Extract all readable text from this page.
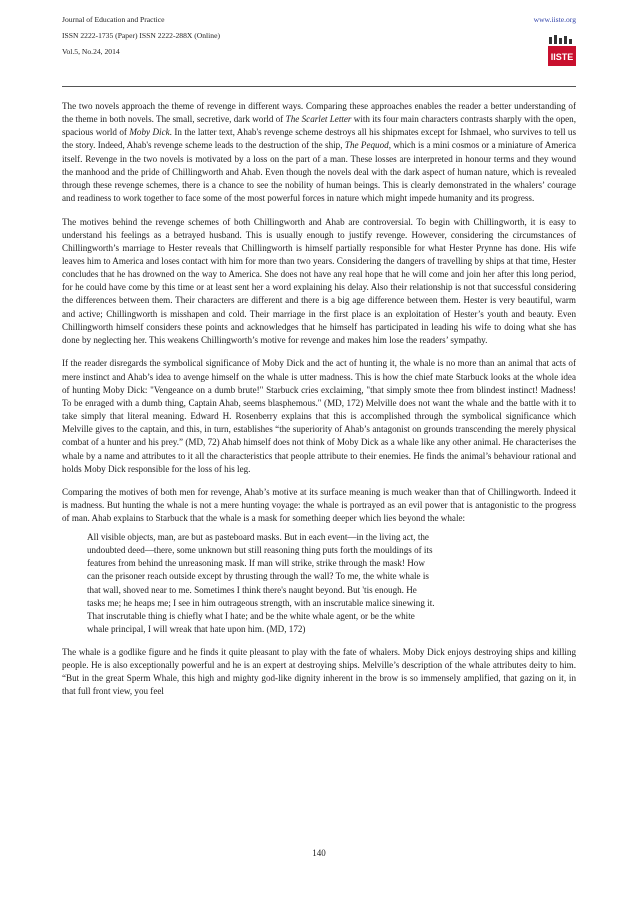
Journal of Education and Practice

ISSN 2222-1735 (Paper) ISSN 2222-288X (Online)

Vol.5, No.24, 2014

www.iiste.org
IISTE

The two novels approach the theme of revenge in different ways. Comparing these approaches enables the reader a better understanding of the theme in both novels. The small, secretive, dark world of The Scarlet Letter with its four main characters contrasts sharply with the open, spacious world of Moby Dick. In the latter text, Ahab's revenge scheme destroys all his shipmates except for Ishmael, who survives to tell us the story. Indeed, Ahab's revenge scheme leads to the destruction of the ship, The Pequod, which is a mini cosmos or a miniature of America itself. Revenge in the two novels is motivated by a loss on the part of a man. These losses are interpreted in honour terms and they wound the manhood and the pride of Chillingworth and Ahab. Even though the novels deal with the dark aspect of human nature, which is revealed through these revenge schemes, there is a chance to see the nobility of human beings. This is clearly demonstrated in the whalers’ courage and readiness to work together to face some of the most powerful forces in nature which might impede humanity and its progress.

The motives behind the revenge schemes of both Chillingworth and Ahab are controversial. To begin with Chillingworth, it is easy to understand his feelings as a betrayed husband. This is usually enough to justify revenge. However, considering the circumstances of Chillingworth’s marriage to Hester reveals that Chillingworth is himself partially responsible for what Hester Prynne has done. His wife leaves him to America and loses contact with him for more than two years. Considering the dangers of travelling by ships at that time, Hester concludes that he has drowned on the way to America. She does not have any real hope that he will come and join her after this long period, for he could have come by this time or at least sent her a word explaining his delay. Also their relationship is not that successful considering the differences between them. Their characters are different and there is a big age difference between them. Hester is very beautiful, warm and active; Chillingworth is misshapen and cold. Their marriage in the first place is an exploitation of Hester’s youth and beauty. Even Chillingworth himself considers these points and acknowledges that he himself has participated in leading his wife to doing what she has done by neglecting her. This weakens Chillingworth’s motive for revenge and makes him lose the readers’ sympathy.

If the reader disregards the symbolical significance of Moby Dick and the act of hunting it, the whale is no more than an animal that acts of mere instinct and Ahab’s idea to avenge himself on the whale is utter madness. This is how the chief mate Starbuck looks at the whole idea of hunting Moby Dick: "Vengeance on a dumb brute!" Starbuck cries exclaiming, "that simply smote thee from blindest instinct! Madness! To be enraged with a dumb thing, Captain Ahab, seems blasphemous." (MD, 172) Melville does not want the whale and the battle with it to take simply that literal meaning. Edward H. Rosenberry explains that this is accomplished through the symbolical significance which Melville gives to the captain, and this, in turn, establishes “the superiority of Ahab’s antagonist on grounds transcending the merely physical combat of a hunter and his prey.” (MD, 72) Ahab himself does not think of Moby Dick as a whale like any other animal. He characterises the whale by a name and attributes to it all the characteristics that people attribute to their enemies. He finds the animal’s behaviour rational and holds Moby Dick responsible for the loss of his leg.

Comparing the motives of both men for revenge, Ahab’s motive at its surface meaning is much weaker than that of Chillingworth. Indeed it is madness. But hunting the whale is not a mere hunting voyage: the whale is portrayed as an evil power that is antagonistic to the progress of man. Ahab explains to Starbuck that the whale is a mask for something deeper which lies beyond the whale:

All visible objects, man, are but as pasteboard masks. But in each event—in the living act, the
undoubted deed—there, some unknown but still reasoning thing puts forth the mouldings of its
features from behind the unreasoning mask. If man will strike, strike through the mask! How
can the prisoner reach outside except by thrusting through the wall? To me, the white whale is
that wall, shoved near to me. Sometimes I think there's naught beyond. But 'tis enough. He
tasks me; he heaps me; I see in him outrageous strength, with an inscrutable malice sinewing it.
That inscrutable thing is chiefly what I hate; and be the white whale agent, or be the white
whale principal, I will wreak that hate upon him. (MD, 172)

The whale is a godlike figure and he finds it quite pleasant to play with the fate of whalers. Moby Dick enjoys destroying ships and killing people. He is also exceptionally powerful and he is an expert at destroying ships. Melville’s description of the whale attributes deity to him. “But in the great Sperm Whale, this high and mighty god-like dignity inherent in the brow is so immensely amplified, that gazing on it, in that full front view, you feel

140
